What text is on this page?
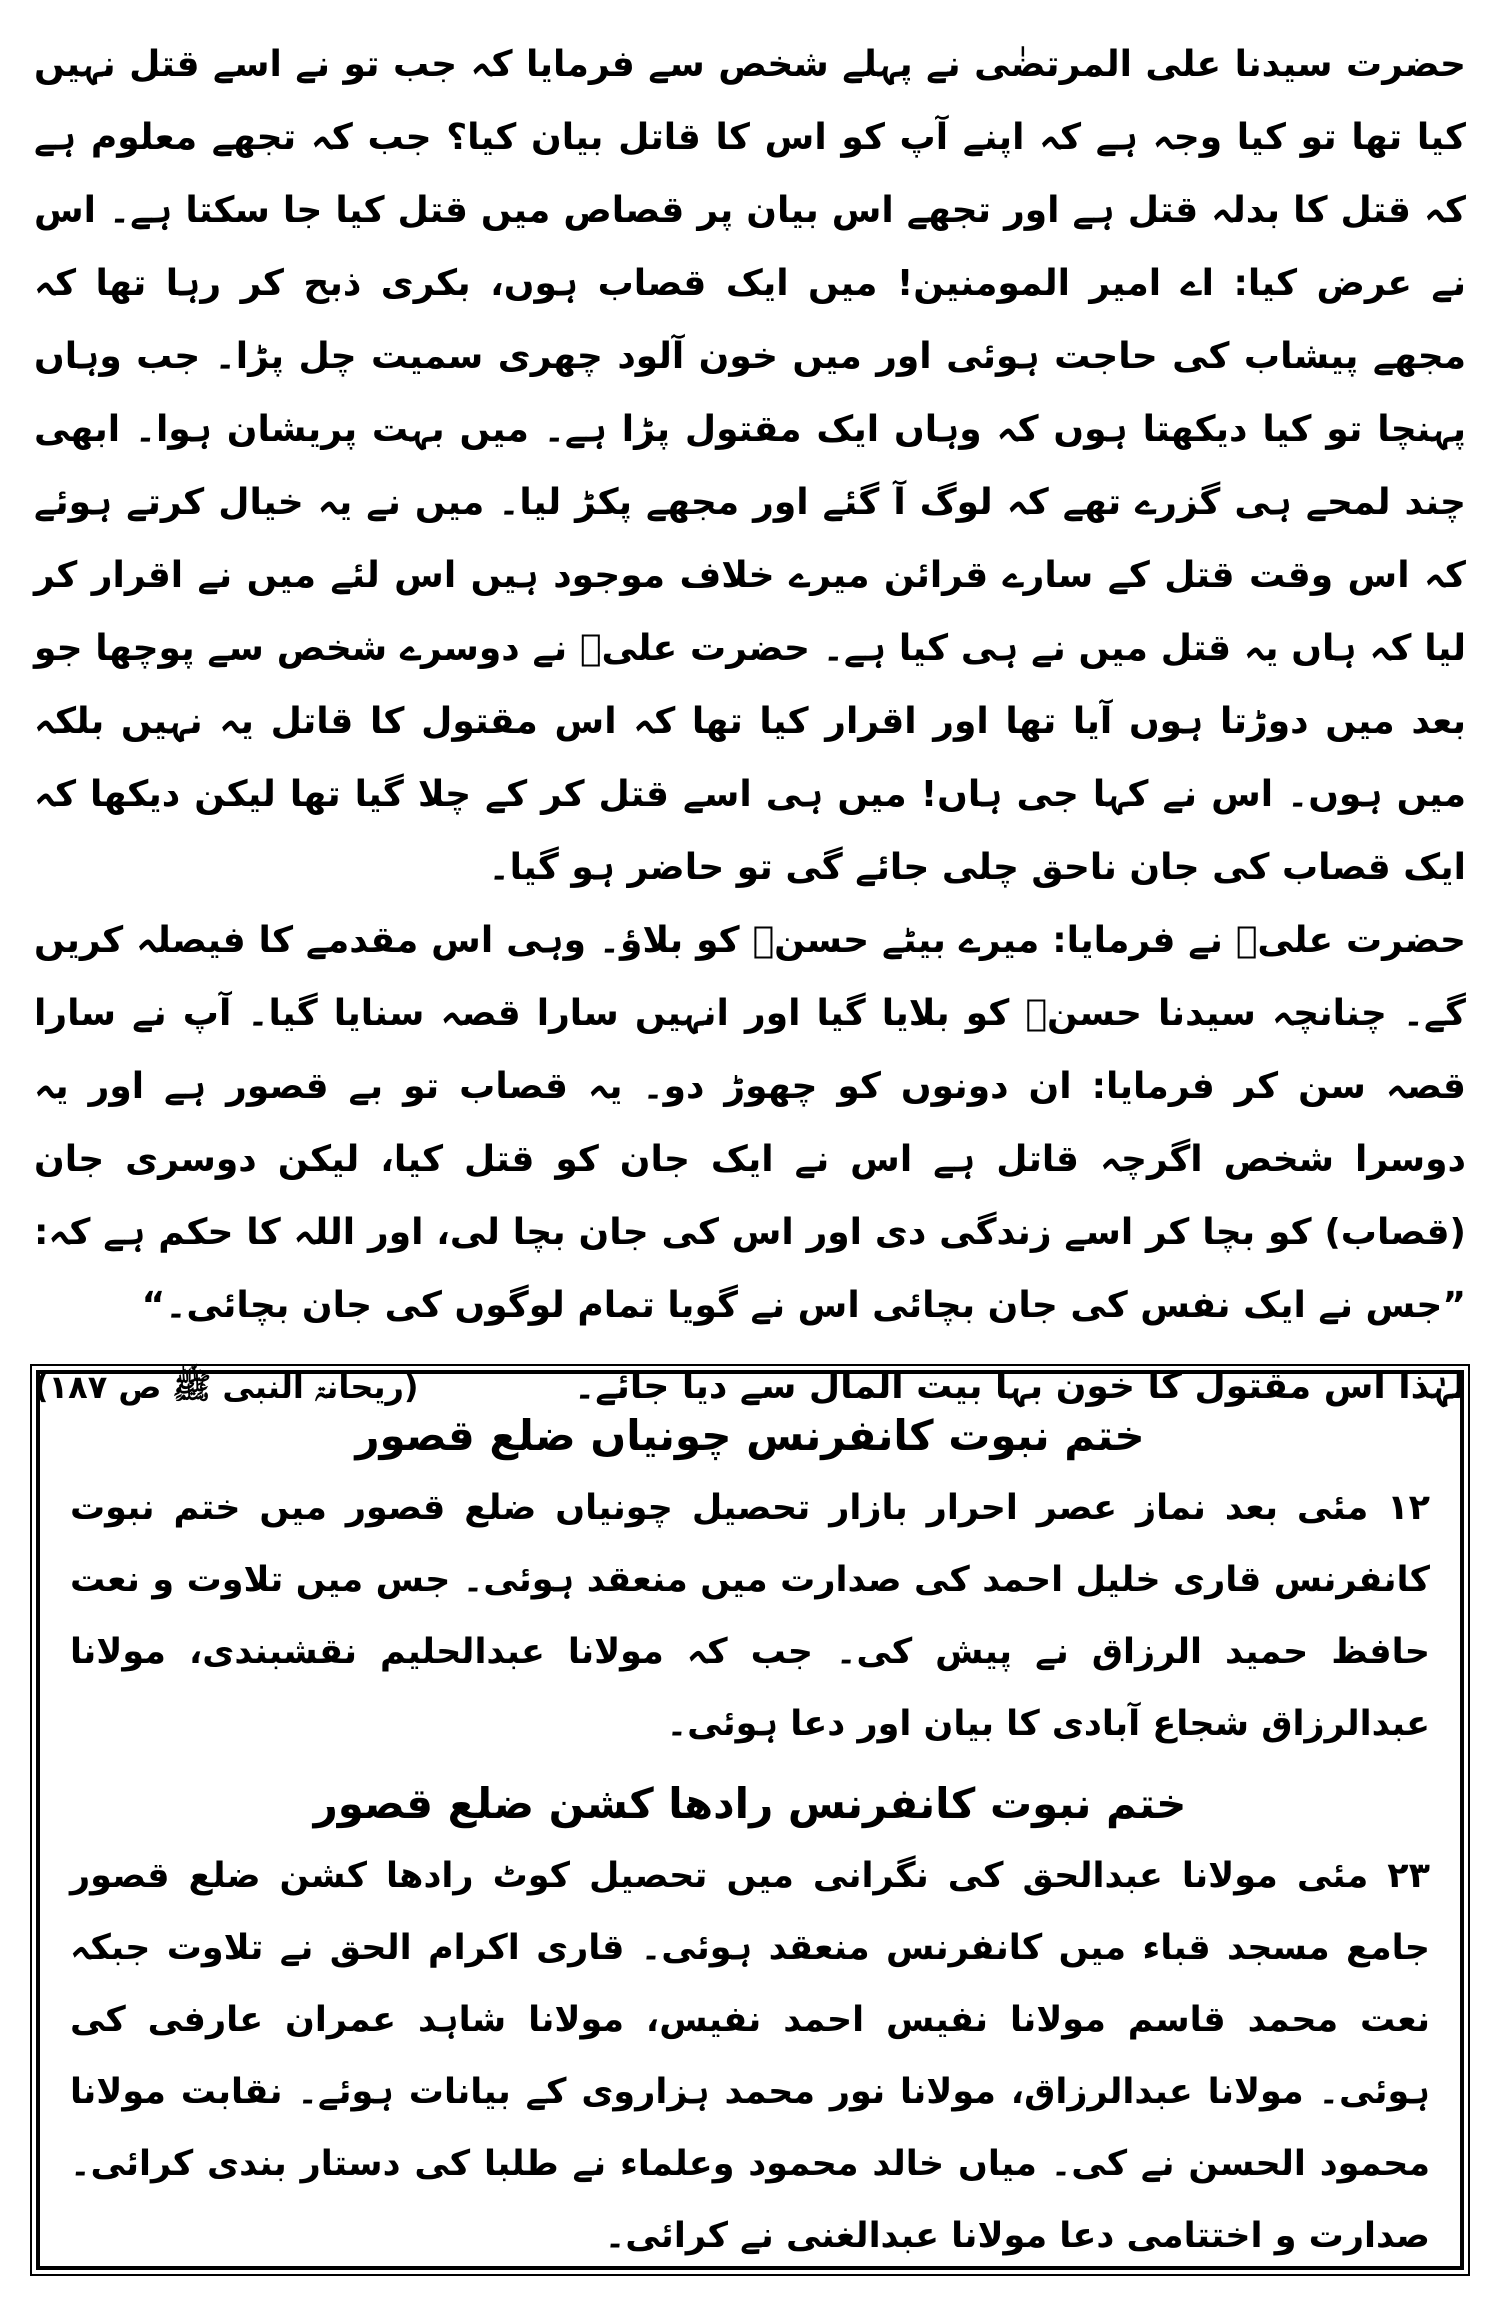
حضرت سیدنا علی المرتضٰی نے پہلے شخص سے فرمایا کہ جب تو نے اسے قتل نہیں کیا تھا تو کیا وجہ ہے کہ اپنے آپ کو اس کا قاتل بیان کیا؟ جب کہ تجھے معلوم ہے کہ قتل کا بدلہ قتل ہے اور تجھے اس بیان پر قصاص میں قتل کیا جا سکتا ہے۔ اس نے عرض کیا: اے امیر المومنین! میں ایک قصاب ہوں، بکری ذبح کر رہا تھا کہ مجھے پیشاب کی حاجت ہوئی اور میں خون آلود چھری سمیت چل پڑا۔ جب وہاں پہنچا تو کیا دیکھتا ہوں کہ وہاں ایک مقتول پڑا ہے۔ میں بہت پریشان ہوا۔ ابھی چند لمحے ہی گزرے تھے کہ لوگ آ گئے اور مجھے پکڑ لیا۔ میں نے یہ خیال کرتے ہوئے کہ اس وقت قتل کے سارے قرائن میرے خلاف موجود ہیں اس لئے میں نے اقرار کر لیا کہ ہاں یہ قتل میں نے ہی کیا ہے۔ حضرت علیؓ نے دوسرے شخص سے پوچھا جو بعد میں دوڑتا ہوں آیا تھا اور اقرار کیا تھا کہ اس مقتول کا قاتل یہ نہیں بلکہ میں ہوں۔ اس نے کہا جی ہاں! میں ہی اسے قتل کر کے چلا گیا تھا لیکن دیکھا کہ ایک قصاب کی جان ناحق چلی جائے گی تو حاضر ہو گیا۔

حضرت علیؓ نے فرمایا: میرے بیٹے حسنؓ کو بلاؤ۔ وہی اس مقدمے کا فیصلہ کریں گے۔ چنانچہ سیدنا حسنؓ کو بلایا گیا اور انہیں سارا قصہ سنایا گیا۔ آپ نے سارا قصہ سن کر فرمایا: ان دونوں کو چھوڑ دو۔ یہ قصاب تو بے قصور ہے اور یہ دوسرا شخص اگرچہ قاتل ہے اس نے ایک جان کو قتل کیا، لیکن دوسری جان (قصاب) کو بچا کر اسے زندگی دی اور اس کی جان بچا لی، اور اللہ کا حکم ہے کہ: ”جس نے ایک نفس کی جان بچائی اس نے گویا تمام لوگوں کی جان بچائی۔“

لہٰذا اس مقتول کا خون بہا بیت المال سے دیا جائے۔
(ریحانۃ النبی ﷺ ص ۱۸۷)
ختم نبوت کانفرنس چونیاں ضلع قصور

۱۲ مئی بعد نماز عصر احرار بازار تحصیل چونیاں ضلع قصور میں ختم نبوت کانفرنس قاری خلیل احمد کی صدارت میں منعقد ہوئی۔ جس میں تلاوت و نعت حافظ حمید الرزاق نے پیش کی۔ جب کہ مولانا عبدالحلیم نقشبندی، مولانا عبدالرزاق شجاع آبادی کا بیان اور دعا ہوئی۔

ختم نبوت کانفرنس رادھا کشن ضلع قصور

۲۳ مئی مولانا عبدالحق کی نگرانی میں تحصیل کوٹ رادھا کشن ضلع قصور جامع مسجد قباء میں کانفرنس منعقد ہوئی۔ قاری اکرام الحق نے تلاوت جبکہ نعت محمد قاسم مولانا نفیس احمد نفیس، مولانا شاہد عمران عارفی کی ہوئی۔ مولانا عبدالرزاق، مولانا نور محمد ہزاروی کے بیانات ہوئے۔ نقابت مولانا محمود الحسن نے کی۔ میاں خالد محمود وعلماء نے طلبا کی دستار بندی کرائی۔ صدارت و اختتامی دعا مولانا عبدالغنی نے کرائی۔
